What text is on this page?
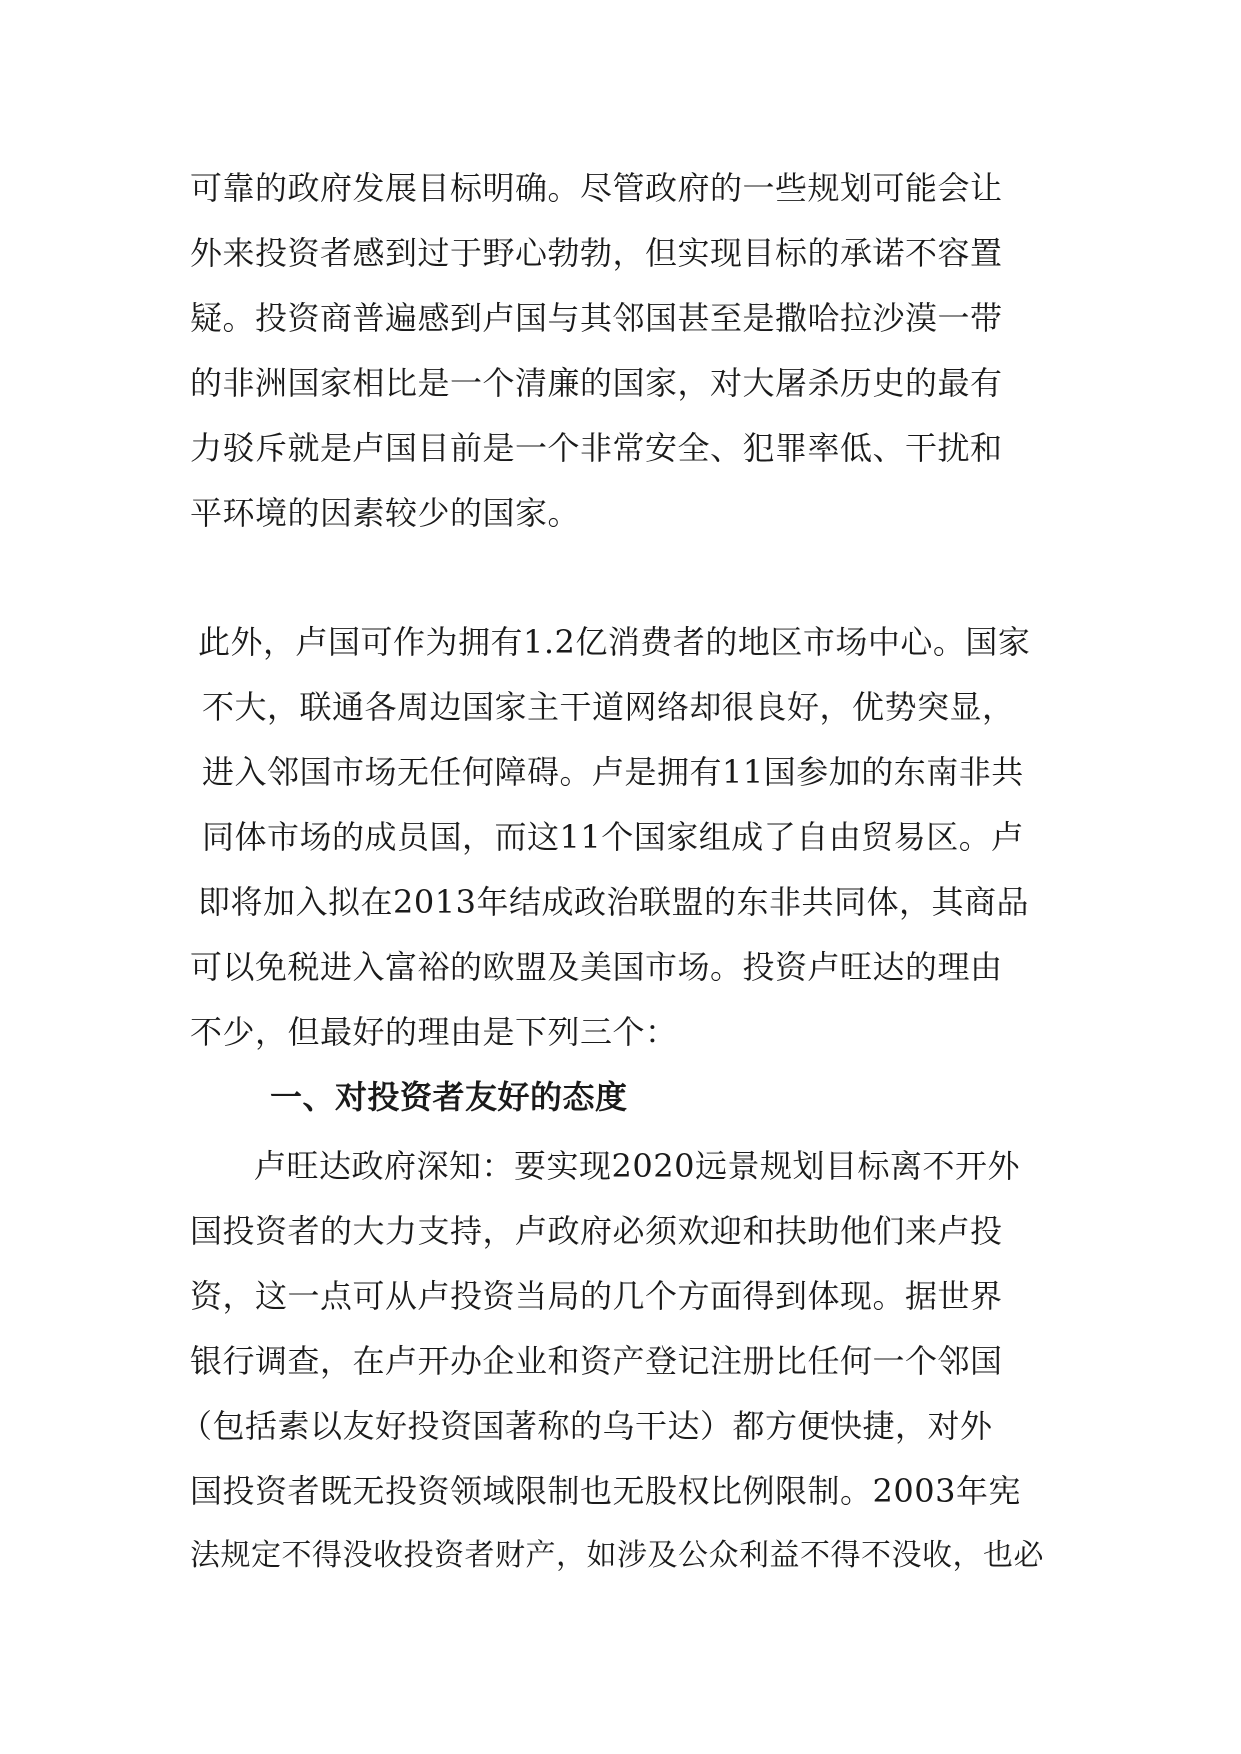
可靠的政府发展目标明确。尽管政府的一些规划可能会让
外来投资者感到过于野心勃勃，但实现目标的承诺不容置
疑。投资商普遍感到卢国与其邻国甚至是撒哈拉沙漠一带
的非洲国家相比是一个清廉的国家，对大屠杀历史的最有
力驳斥就是卢国目前是一个非常安全、犯罪率低、干扰和
平环境的因素较少的国家。
此外，卢国可作为拥有1.2亿消费者的地区市场中心。国家
不大，联通各周边国家主干道网络却很良好，优势突显，
进入邻国市场无任何障碍。卢是拥有11国参加的东南非共
同体市场的成员国，而这11个国家组成了自由贸易区。卢
即将加入拟在2013年结成政治联盟的东非共同体，其商品
可以免税进入富裕的欧盟及美国市场。投资卢旺达的理由
不少，但最好的理由是下列三个：
一、对投资者友好的态度
卢旺达政府深知：要实现2020远景规划目标离不开外
国投资者的大力支持，卢政府必须欢迎和扶助他们来卢投
资，这一点可从卢投资当局的几个方面得到体现。据世界
银行调查，在卢开办企业和资产登记注册比任何一个邻国
（包括素以友好投资国著称的乌干达）都方便快捷，对外
国投资者既无投资领域限制也无股权比例限制。2003年宪
法规定不得没收投资者财产，如涉及公众利益不得不没收，也必
